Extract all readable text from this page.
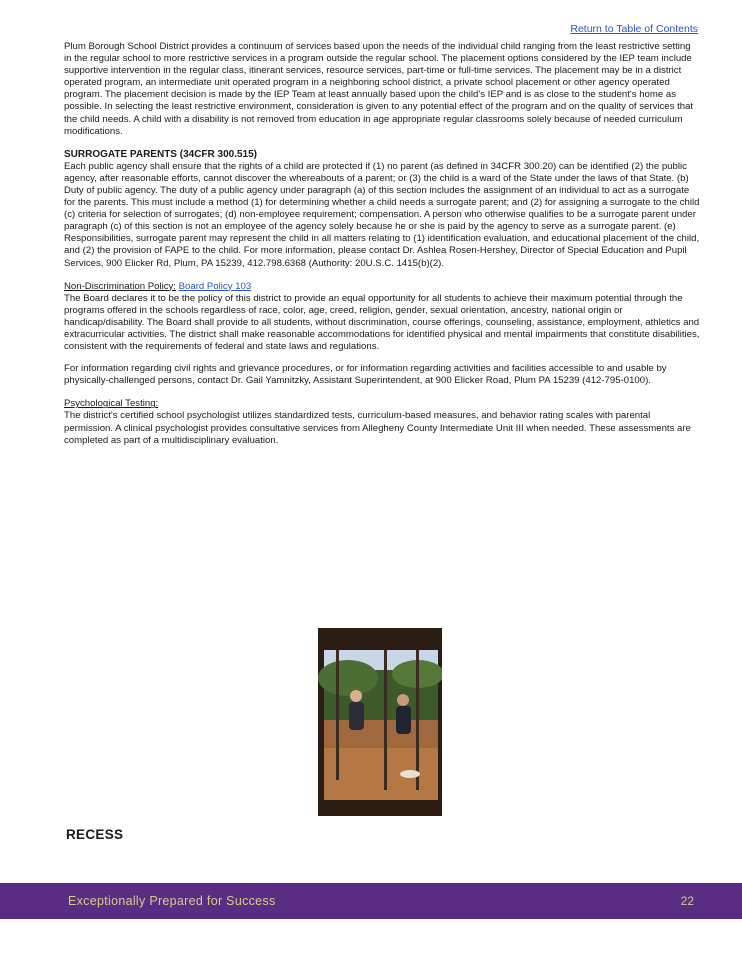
Return to Table of Contents

Plum Borough School District provides a continuum of services based upon the needs of the individual child ranging from the least restrictive setting in the regular school to more restrictive services in a program outside the regular school. The placement options considered by the IEP team include supportive intervention in the regular class, itinerant services, resource services, part-time or full-time services. The placement may be in a district operated program, an intermediate unit operated program in a neighboring school district, a private school placement or other agency operated program. The placement decision is made by the IEP Team at least annually based upon the child's IEP and is as close to the student's home as possible. In selecting the least restrictive environment, consideration is given to any potential effect of the program and on the quality of services that the child needs. A child with a disability is not removed from education in age appropriate regular classrooms solely because of needed curriculum modifications.

SURROGATE PARENTS (34CFR 300.515)

Each public agency shall ensure that the rights of a child are protected if (1) no parent (as defined in 34CFR 300.20) can be identified (2) the public agency, after reasonable efforts, cannot discover the whereabouts of a parent; or (3) the child is a ward of the State under the laws of that State. (b) Duty of public agency. The duty of a public agency under paragraph (a) of this section includes the assignment of an individual to act as a surrogate for the parents. This must include a method (1) for determining whether a child needs a surrogate parent; and (2) for assigning a surrogate to the child (c) criteria for selection of surrogates; (d) non-employee requirement; compensation. A person who otherwise qualifies to be a surrogate parent under paragraph (c) of this section is not an employee of the agency solely because he or she is paid by the agency to serve as a surrogate parent. (e) Responsibilities, surrogate parent may represent the child in all matters relating to (1) identification evaluation, and educational placement of the child, and (2) the provision of FAPE to the child. For more information, please contact Dr. Ashlea Rosen-Hershey, Director of Special Education and Pupil Services, 900 Elicker Rd, Plum, PA 15239, 412.798.6368 (Authority: 20U.S.C. 1415(b)(2).

Non-Discrimination Policy: Board Policy 103

The Board declares it to be the policy of this district to provide an equal opportunity for all students to achieve their maximum potential through the programs offered in the schools regardless of race, color, age, creed, religion, gender, sexual orientation, ancestry, national origin or handicap/disability. The Board shall provide to all students, without discrimination, course offerings, counseling, assistance, employment, athletics and extracurricular activities. The district shall make reasonable accommodations for identified physical and mental impairments that constitute disabilities, consistent with the requirements of federal and state laws and regulations.

For information regarding civil rights and grievance procedures, or for information regarding activities and facilities accessible to and usable by physically-challenged persons, contact Dr. Gail Yamnitzky, Assistant Superintendent, at 900 Elicker Road, Plum PA 15239 (412-795-0100).

Psychological Testing:

The district's certified school psychologist utilizes standardized tests, curriculum-based measures, and behavior rating scales with parental permission. A clinical psychologist provides consultative services from Allegheny County Intermediate Unit III when needed. These assessments are completed as part of a multidisciplinary evaluation.

RECESS
Exceptionally Prepared for Success	22
